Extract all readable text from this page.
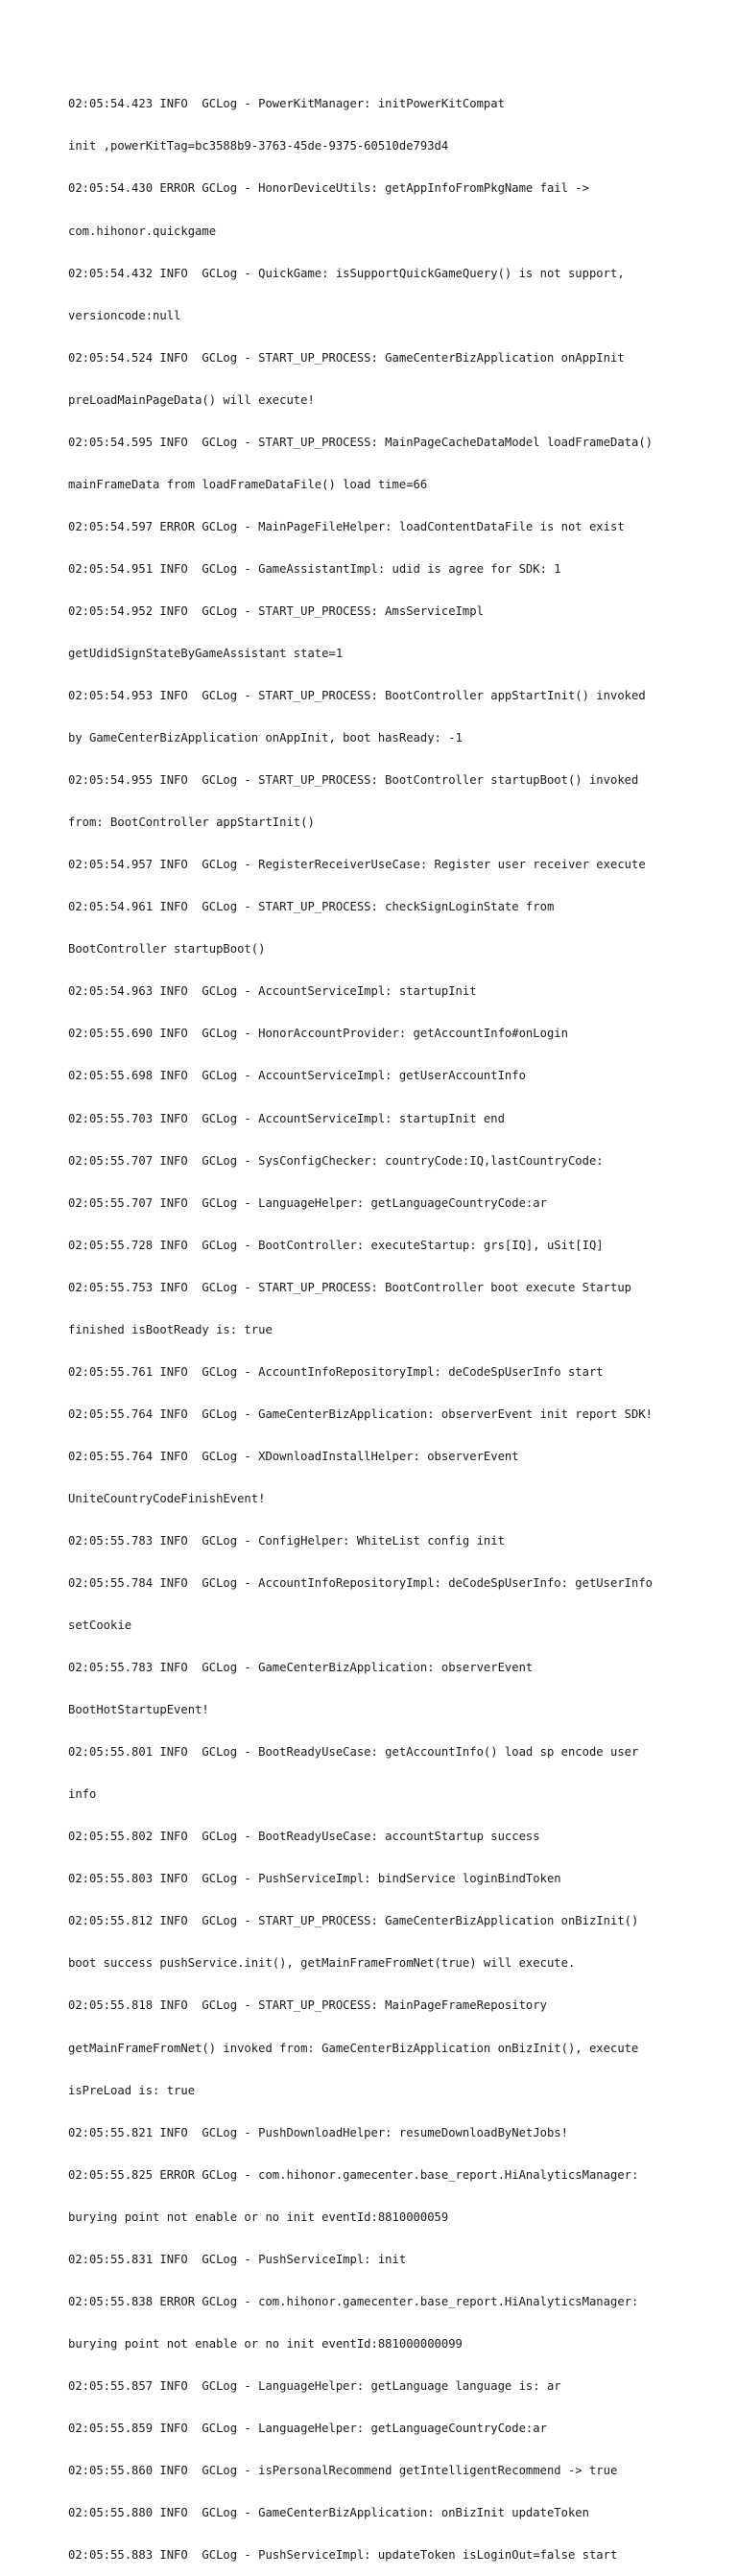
02:05:54.423 INFO  GCLog - PowerKitManager: initPowerKitCompat

init ,powerKitTag=bc3588b9-3763-45de-9375-60510de793d4

02:05:54.430 ERROR GCLog - HonorDeviceUtils: getAppInfoFromPkgName fail ->

com.hihonor.quickgame

02:05:54.432 INFO  GCLog - QuickGame: isSupportQuickGameQuery() is not support,

versioncode:null

02:05:54.524 INFO  GCLog - START_UP_PROCESS: GameCenterBizApplication onAppInit

preLoadMainPageData() will execute!

02:05:54.595 INFO  GCLog - START_UP_PROCESS: MainPageCacheDataModel loadFrameData()

mainFrameData from loadFrameDataFile() load time=66

02:05:54.597 ERROR GCLog - MainPageFileHelper: loadContentDataFile is not exist

02:05:54.951 INFO  GCLog - GameAssistantImpl: udid is agree for SDK: 1

02:05:54.952 INFO  GCLog - START_UP_PROCESS: AmsServiceImpl

getUdidSignStateByGameAssistant state=1

02:05:54.953 INFO  GCLog - START_UP_PROCESS: BootController appStartInit() invoked

by GameCenterBizApplication onAppInit, boot hasReady: -1

02:05:54.955 INFO  GCLog - START_UP_PROCESS: BootController startupBoot() invoked

from: BootController appStartInit()

02:05:54.957 INFO  GCLog - RegisterReceiverUseCase: Register user receiver execute

02:05:54.961 INFO  GCLog - START_UP_PROCESS: checkSignLoginState from

BootController startupBoot()

02:05:54.963 INFO  GCLog - AccountServiceImpl: startupInit

02:05:55.690 INFO  GCLog - HonorAccountProvider: getAccountInfo#onLogin

02:05:55.698 INFO  GCLog - AccountServiceImpl: getUserAccountInfo

02:05:55.703 INFO  GCLog - AccountServiceImpl: startupInit end

02:05:55.707 INFO  GCLog - SysConfigChecker: countryCode:IQ,lastCountryCode:

02:05:55.707 INFO  GCLog - LanguageHelper: getLanguageCountryCode:ar

02:05:55.728 INFO  GCLog - BootController: executeStartup: grs[IQ], uSit[IQ]

02:05:55.753 INFO  GCLog - START_UP_PROCESS: BootController boot execute Startup

finished isBootReady is: true

02:05:55.761 INFO  GCLog - AccountInfoRepositoryImpl: deCodeSpUserInfo start

02:05:55.764 INFO  GCLog - GameCenterBizApplication: observerEvent init report SDK!

02:05:55.764 INFO  GCLog - XDownloadInstallHelper: observerEvent

UniteCountryCodeFinishEvent!

02:05:55.783 INFO  GCLog - ConfigHelper: WhiteList config init

02:05:55.784 INFO  GCLog - AccountInfoRepositoryImpl: deCodeSpUserInfo: getUserInfo

setCookie

02:05:55.783 INFO  GCLog - GameCenterBizApplication: observerEvent

BootHotStartupEvent!

02:05:55.801 INFO  GCLog - BootReadyUseCase: getAccountInfo() load sp encode user

info

02:05:55.802 INFO  GCLog - BootReadyUseCase: accountStartup success

02:05:55.803 INFO  GCLog - PushServiceImpl: bindService loginBindToken

02:05:55.812 INFO  GCLog - START_UP_PROCESS: GameCenterBizApplication onBizInit()

boot success pushService.init(), getMainFrameFromNet(true) will execute.

02:05:55.818 INFO  GCLog - START_UP_PROCESS: MainPageFrameRepository

getMainFrameFromNet() invoked from: GameCenterBizApplication onBizInit(), execute

isPreLoad is: true

02:05:55.821 INFO  GCLog - PushDownloadHelper: resumeDownloadByNetJobs!

02:05:55.825 ERROR GCLog - com.hihonor.gamecenter.base_report.HiAnalyticsManager:

burying point not enable or no init eventId:8810000059

02:05:55.831 INFO  GCLog - PushServiceImpl: init

02:05:55.838 ERROR GCLog - com.hihonor.gamecenter.base_report.HiAnalyticsManager:

burying point not enable or no init eventId:881000000099

02:05:55.857 INFO  GCLog - LanguageHelper: getLanguage language is: ar

02:05:55.859 INFO  GCLog - LanguageHelper: getLanguageCountryCode:ar

02:05:55.860 INFO  GCLog - isPersonalRecommend getIntelligentRecommend -> true

02:05:55.880 INFO  GCLog - GameCenterBizApplication: onBizInit updateToken

02:05:55.883 INFO  GCLog - PushServiceImpl: updateToken isLoginOut=false start
